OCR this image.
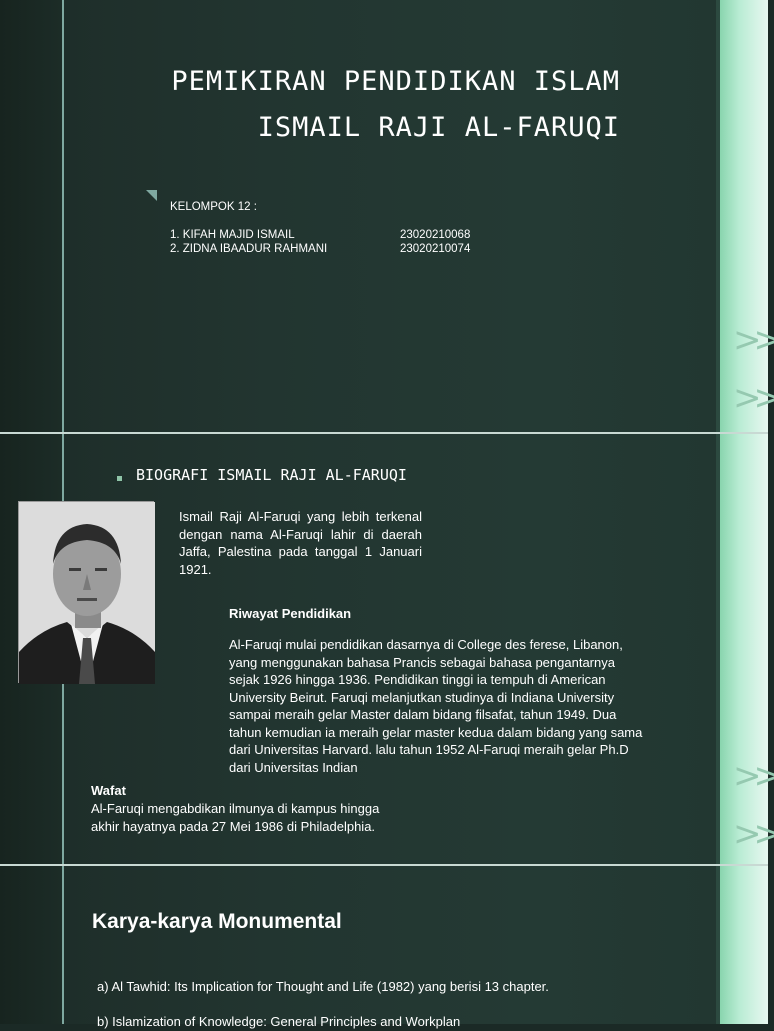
>>
>>
PEMIKIRAN PENDIDIKAN ISLAM
ISMAIL RAJI AL-FARUQI
KELOMPOK 12 :
1. KIFAH MAJID ISMAIL	23020210068
2. ZIDNA IBAADUR RAHMANI	23020210074
>>
>>
BIOGRAFI ISMAIL RAJI AL-FARUQI
Ismail Raji Al-Faruqi yang lebih terkenal dengan nama Al-Faruqi lahir di daerah Jaffa, Palestina pada tanggal 1 Januari 1921.
Riwayat Pendidikan
Al-Faruqi mulai pendidikan dasarnya di College des ferese, Libanon, yang menggunakan bahasa Prancis sebagai bahasa pengantarnya sejak 1926 hingga 1936. Pendidikan tinggi ia tempuh di American University Beirut. Faruqi melanjutkan studinya di Indiana University sampai meraih gelar Master dalam bidang filsafat, tahun 1949. Dua tahun kemudian ia meraih gelar master kedua dalam bidang yang sama dari Universitas Harvard. lalu tahun 1952 Al-Faruqi meraih gelar Ph.D dari Universitas Indian
Wafat
Al-Faruqi mengabdikan ilmunya di kampus hingga akhir hayatnya pada 27 Mei 1986 di Philadelphia.
Karya-karya Monumental
a) Al Tawhid: Its Implication for Thought and Life (1982) yang berisi 13 chapter.
b) Islamization of Knowledge: General Principles and Workplan
